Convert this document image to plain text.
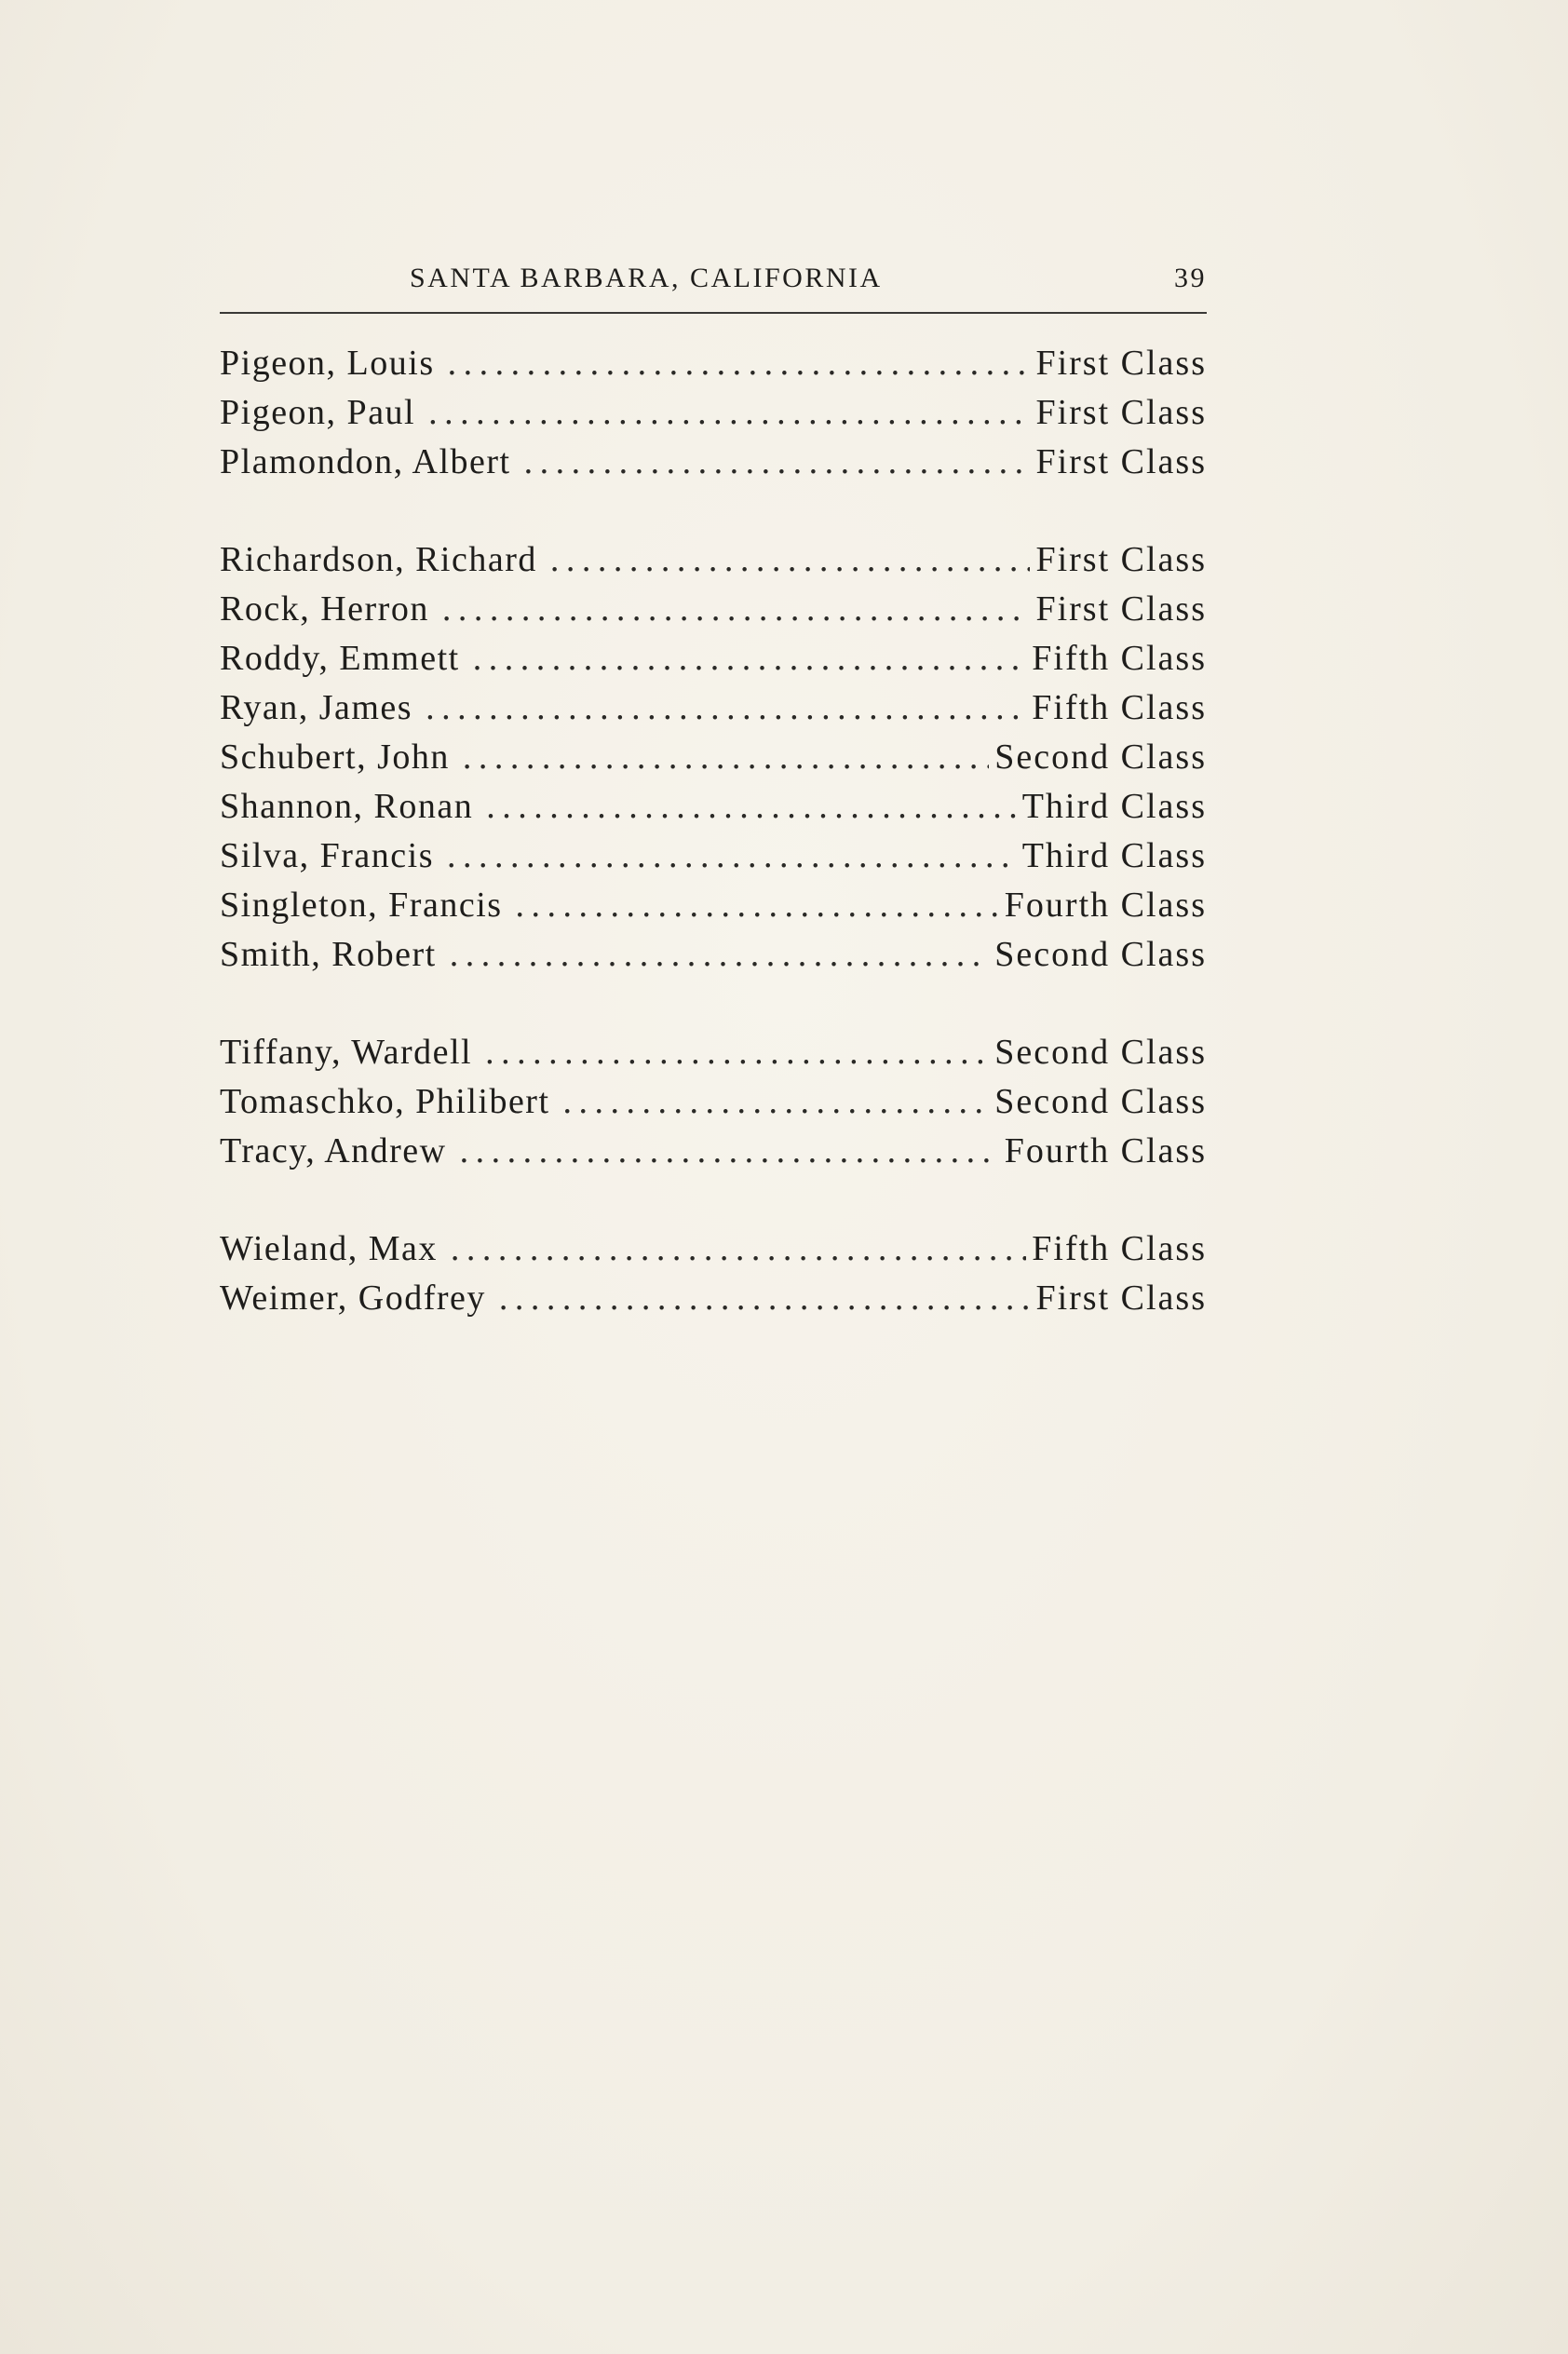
SANTA BARBARA, CALIFORNIA	39
Pigeon, Louis . . .	First Class
Pigeon, Paul . . .	First Class
Plamondon, Albert . . .	First Class
Richardson, Richard . . .	First Class
Rock, Herron . . .	First Class
Roddy, Emmett . . .	Fifth Class
Ryan, James . . .	Fifth Class
Schubert, John . . .	Second Class
Shannon, Ronan . . .	Third Class
Silva, Francis . . .	Third Class
Singleton, Francis . . .	Fourth Class
Smith, Robert . . .	Second Class
Tiffany, Wardell . . .	Second Class
Tomaschko, Philibert . . .	Second Class
Tracy, Andrew . . .	Fourth Class
Wieland, Max . . .	Fifth Class
Weimer, Godfrey . . .	First Class
